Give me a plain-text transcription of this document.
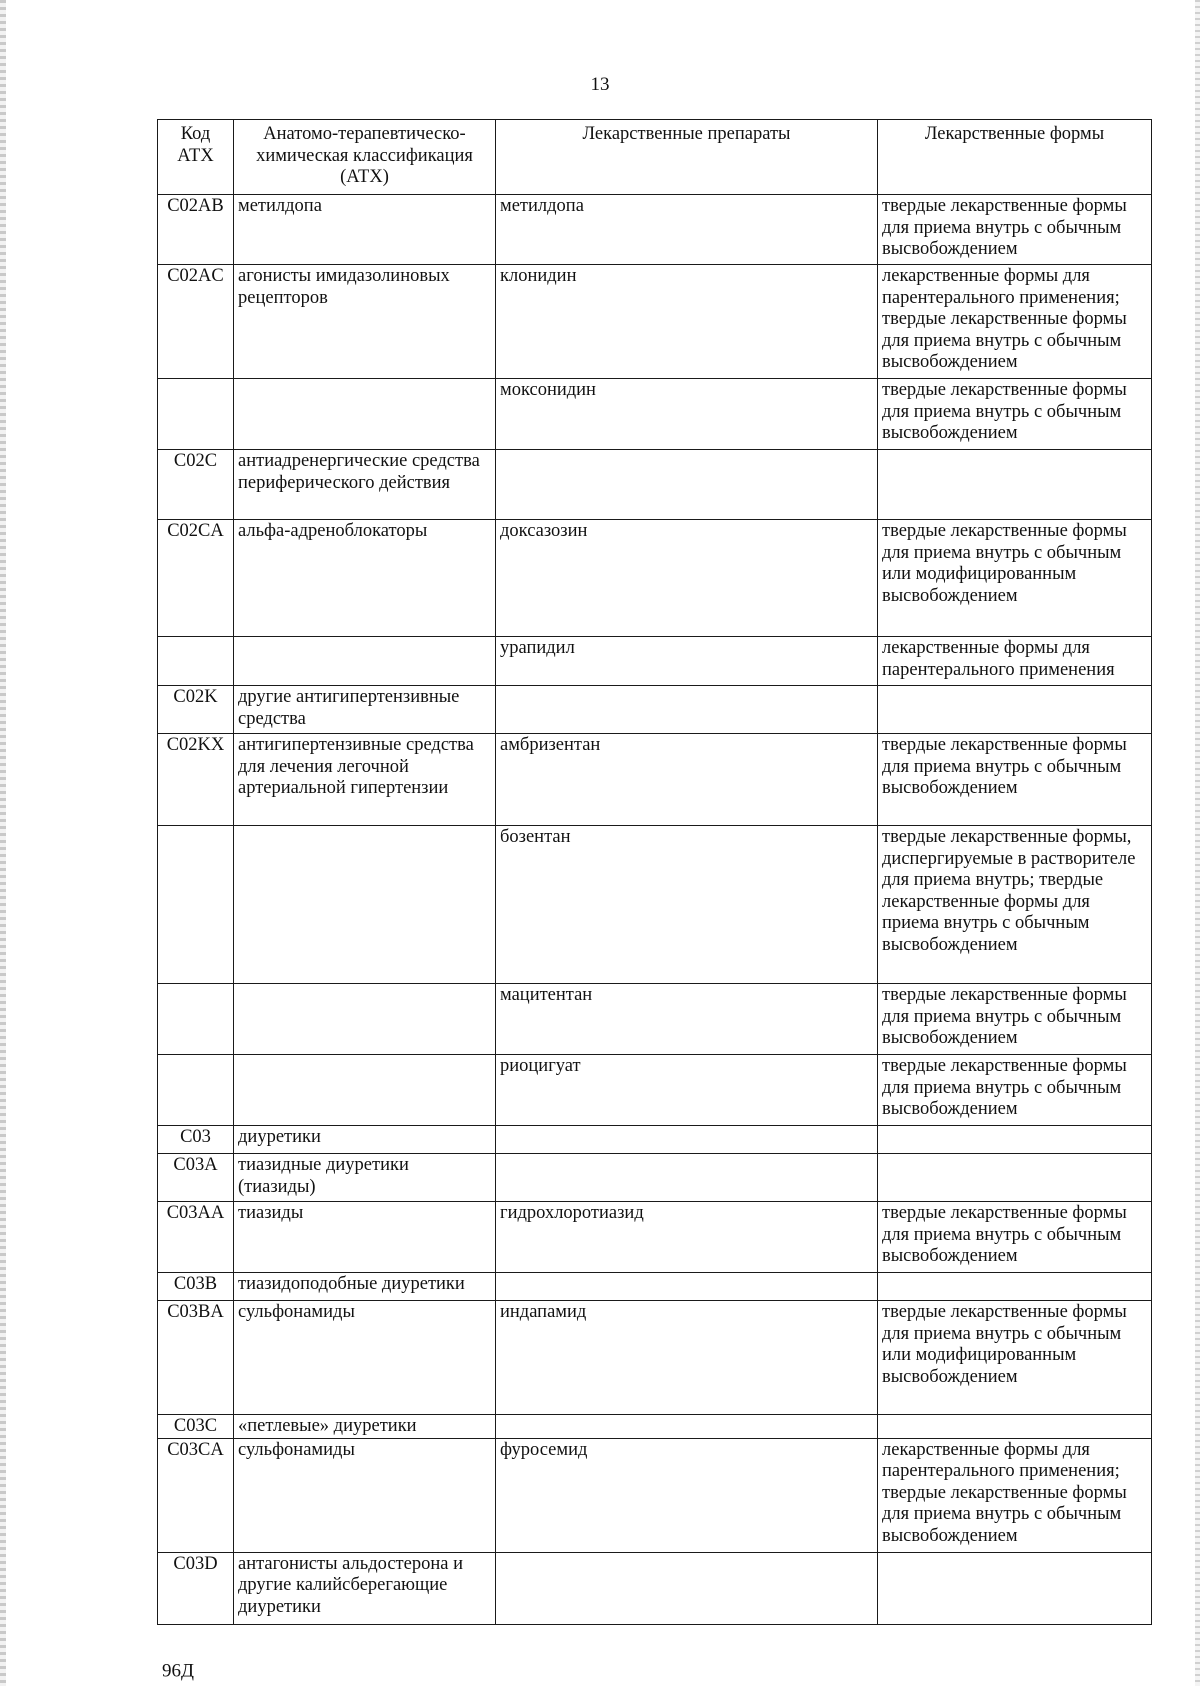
13
Код АТХ	Анатомо-терапевтическо-химическая классификация (АТХ)	Лекарственные препараты	Лекарственные формы
C02AB	метилдопа	метилдопа	твердые лекарственные формы для приема внутрь с обычным высвобождением
C02AC	агонисты имидазолиновых рецепторов	клонидин	лекарственные формы для парентерального применения; твердые лекарственные формы для приема внутрь с обычным высвобождением
		моксонидин	твердые лекарственные формы для приема внутрь с обычным высвобождением
C02C	антиадренергические средства периферического действия		
C02CA	альфа-адреноблокаторы	доксазозин	твердые лекарственные формы для приема внутрь с обычным или модифицированным высвобождением
		урапидил	лекарственные формы для парентерального применения
C02K	другие антигипертензивные средства		
C02KX	антигипертензивные средства для лечения легочной артериальной гипертензии	амбризентан	твердые лекарственные формы для приема внутрь с обычным высвобождением
		бозентан	твердые лекарственные формы, диспергируемые в растворителе для приема внутрь; твердые лекарственные формы для приема внутрь с обычным высвобождением
		мацитентан	твердые лекарственные формы для приема внутрь с обычным высвобождением
		риоцигуат	твердые лекарственные формы для приема внутрь с обычным высвобождением
C03	диуретики		
C03A	тиазидные диуретики (тиазиды)		
C03AA	тиазиды	гидрохлоротиазид	твердые лекарственные формы для приема внутрь с обычным высвобождением
C03B	тиазидоподобные диуретики		
C03BA	сульфонамиды	индапамид	твердые лекарственные формы для приема внутрь с обычным или модифицированным высвобождением
C03C	«петлевые» диуретики		
C03CA	сульфонамиды	фуросемид	лекарственные формы для парентерального применения; твердые лекарственные формы для приема внутрь с обычным высвобождением
C03D	антагонисты альдостерона и другие калийсберегающие диуретики		
96Д
